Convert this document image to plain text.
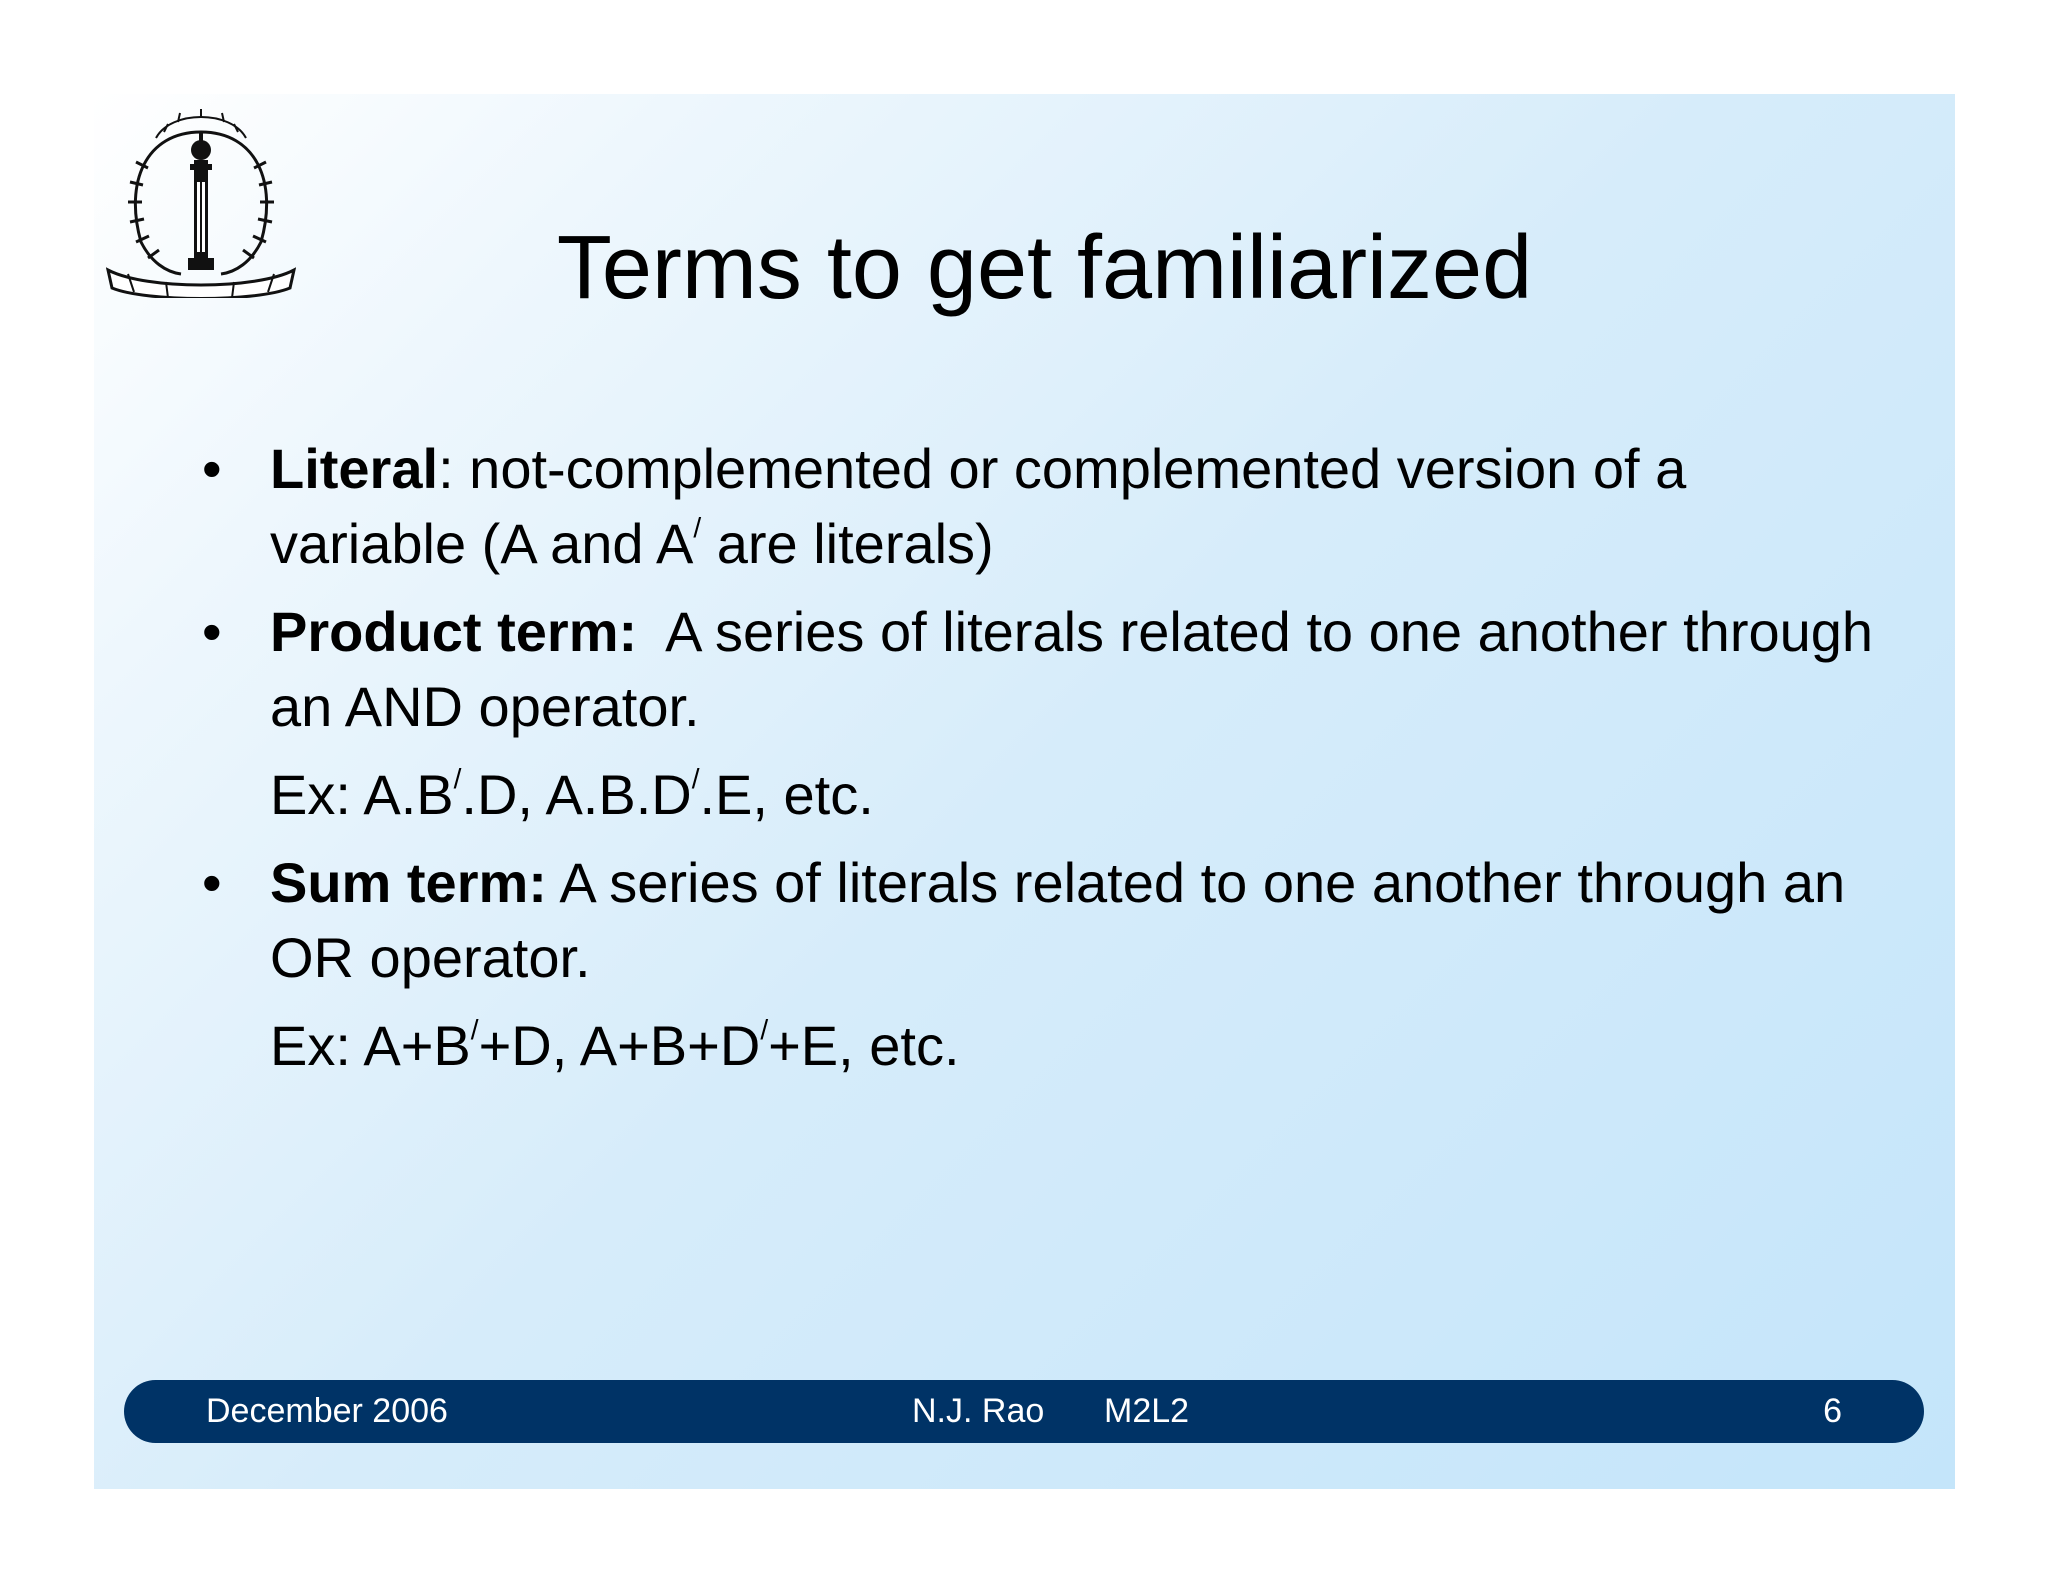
Terms to get familiarized
• Literal: not-complemented or complemented version of a variable (A and A/ are literals)
• Product term:  A series of literals related to one another through an AND operator.
Ex: A.B/.D, A.B.D/.E, etc.
• Sum term: A series of literals related to one another through an OR operator.
Ex: A+B/+D, A+B+D/+E, etc.
December 2006	N.J. Rao M2L2	6
